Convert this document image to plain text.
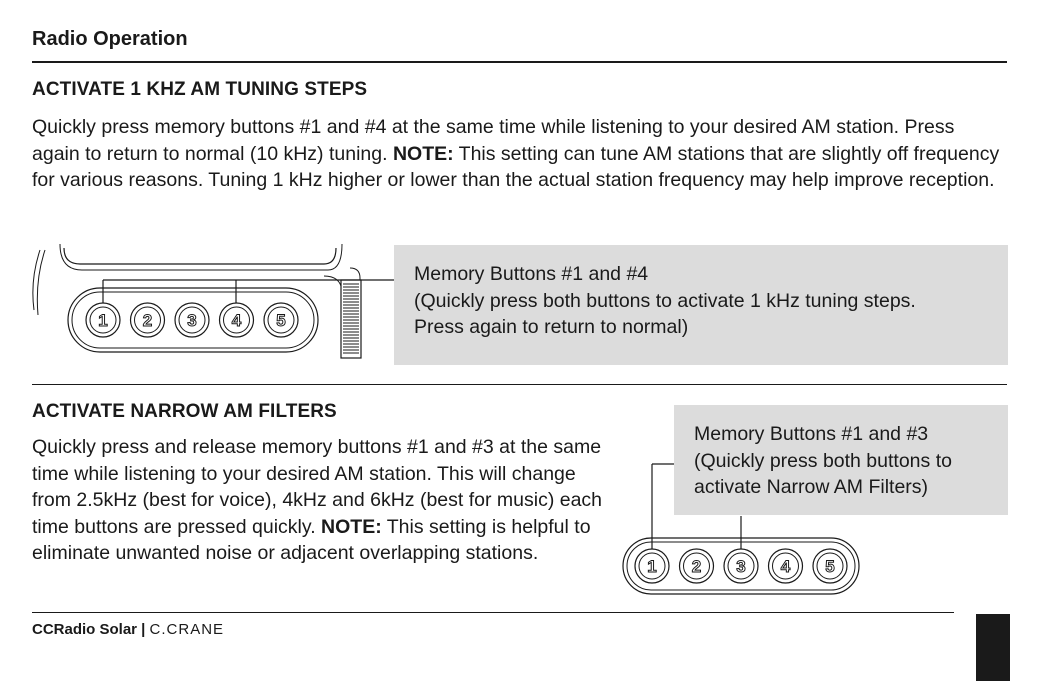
Radio Operation
ACTIVATE 1 KHZ AM TUNING STEPS
Quickly press memory buttons #1 and #4 at the same time while listening to your desired AM station. Press again to return to normal (10 kHz) tuning. NOTE: This setting can tune AM stations that are slightly off frequency for various reasons. Tuning 1 kHz higher or lower than the actual station frequency may help improve reception.
1 2 3 4 5
Memory Buttons #1 and #4
(Quickly press both buttons to activate 1 kHz tuning steps.
Press again to return to normal)
ACTIVATE NARROW AM FILTERS
Quickly press and release memory buttons #1 and #3 at the same time while listening to your desired AM station. This will change from 2.5kHz (best for voice), 4kHz and 6kHz (best for music) each time buttons are pressed quickly. NOTE: This setting is helpful to eliminate unwanted noise or adjacent overlapping stations.
Memory Buttons #1 and #3
(Quickly press both buttons to
activate Narrow AM Filters)
1 2 3 4 5
CCRadio Solar | C.CRANE
